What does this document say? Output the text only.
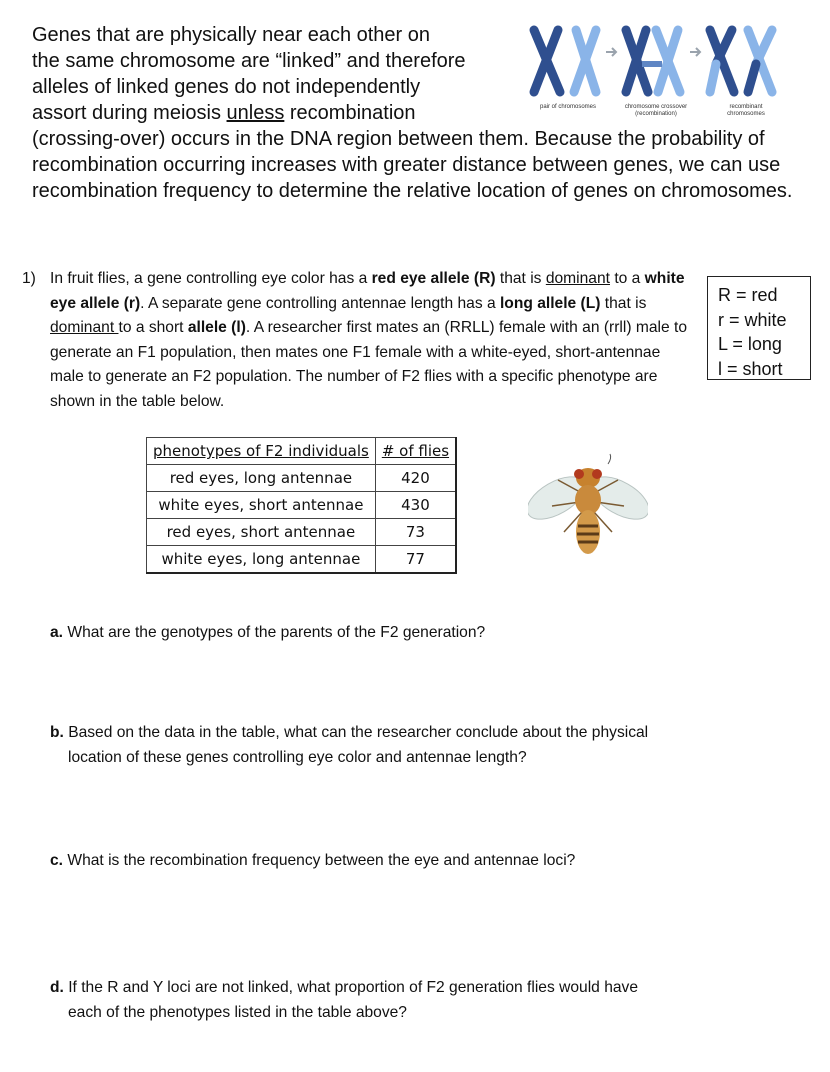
Genes that are physically near each other on

the same chromosome are “linked” and therefore

alleles of linked genes do not independently

assort during meiosis unless recombination

(crossing-over) occurs in the DNA region between them. Because the probability of recombination occurring increases with greater distance between genes, we can use recombination frequency to determine the relative location of genes on chromosomes.

pair of chromosomes	chromosome crossover
(recombination)
recombinant
chromosomes
1) In fruit flies, a gene controlling eye color has a red eye allele (R) that is dominant to a white eye allele (r). A separate gene controlling antennae length has a long allele (L) that is dominant to a short allele (l). A researcher first mates an (RRLL) female with an (rrll) male to generate an F1 population, then mates one F1 female with a white-eyed, short-antennae male to generate an F2 population. The number of F2 flies with a specific phenotype are shown in the table below.
R = red
r = white
L = long
l = short
phenotypes of F2 individuals	# of flies
red eyes, long antennae	420
white eyes, short antennae	430
red eyes, short antennae	73
white eyes, long antennae	77
a. What are the genotypes of the parents of the F2 generation?
b. Based on the data in the table, what can the researcher conclude about the physical
location of these genes controlling eye color and antennae length?
c. What is the recombination frequency between the eye and antennae loci?
d. If the R and Y loci are not linked, what proportion of F2 generation flies would have
each of the phenotypes listed in the table above?
